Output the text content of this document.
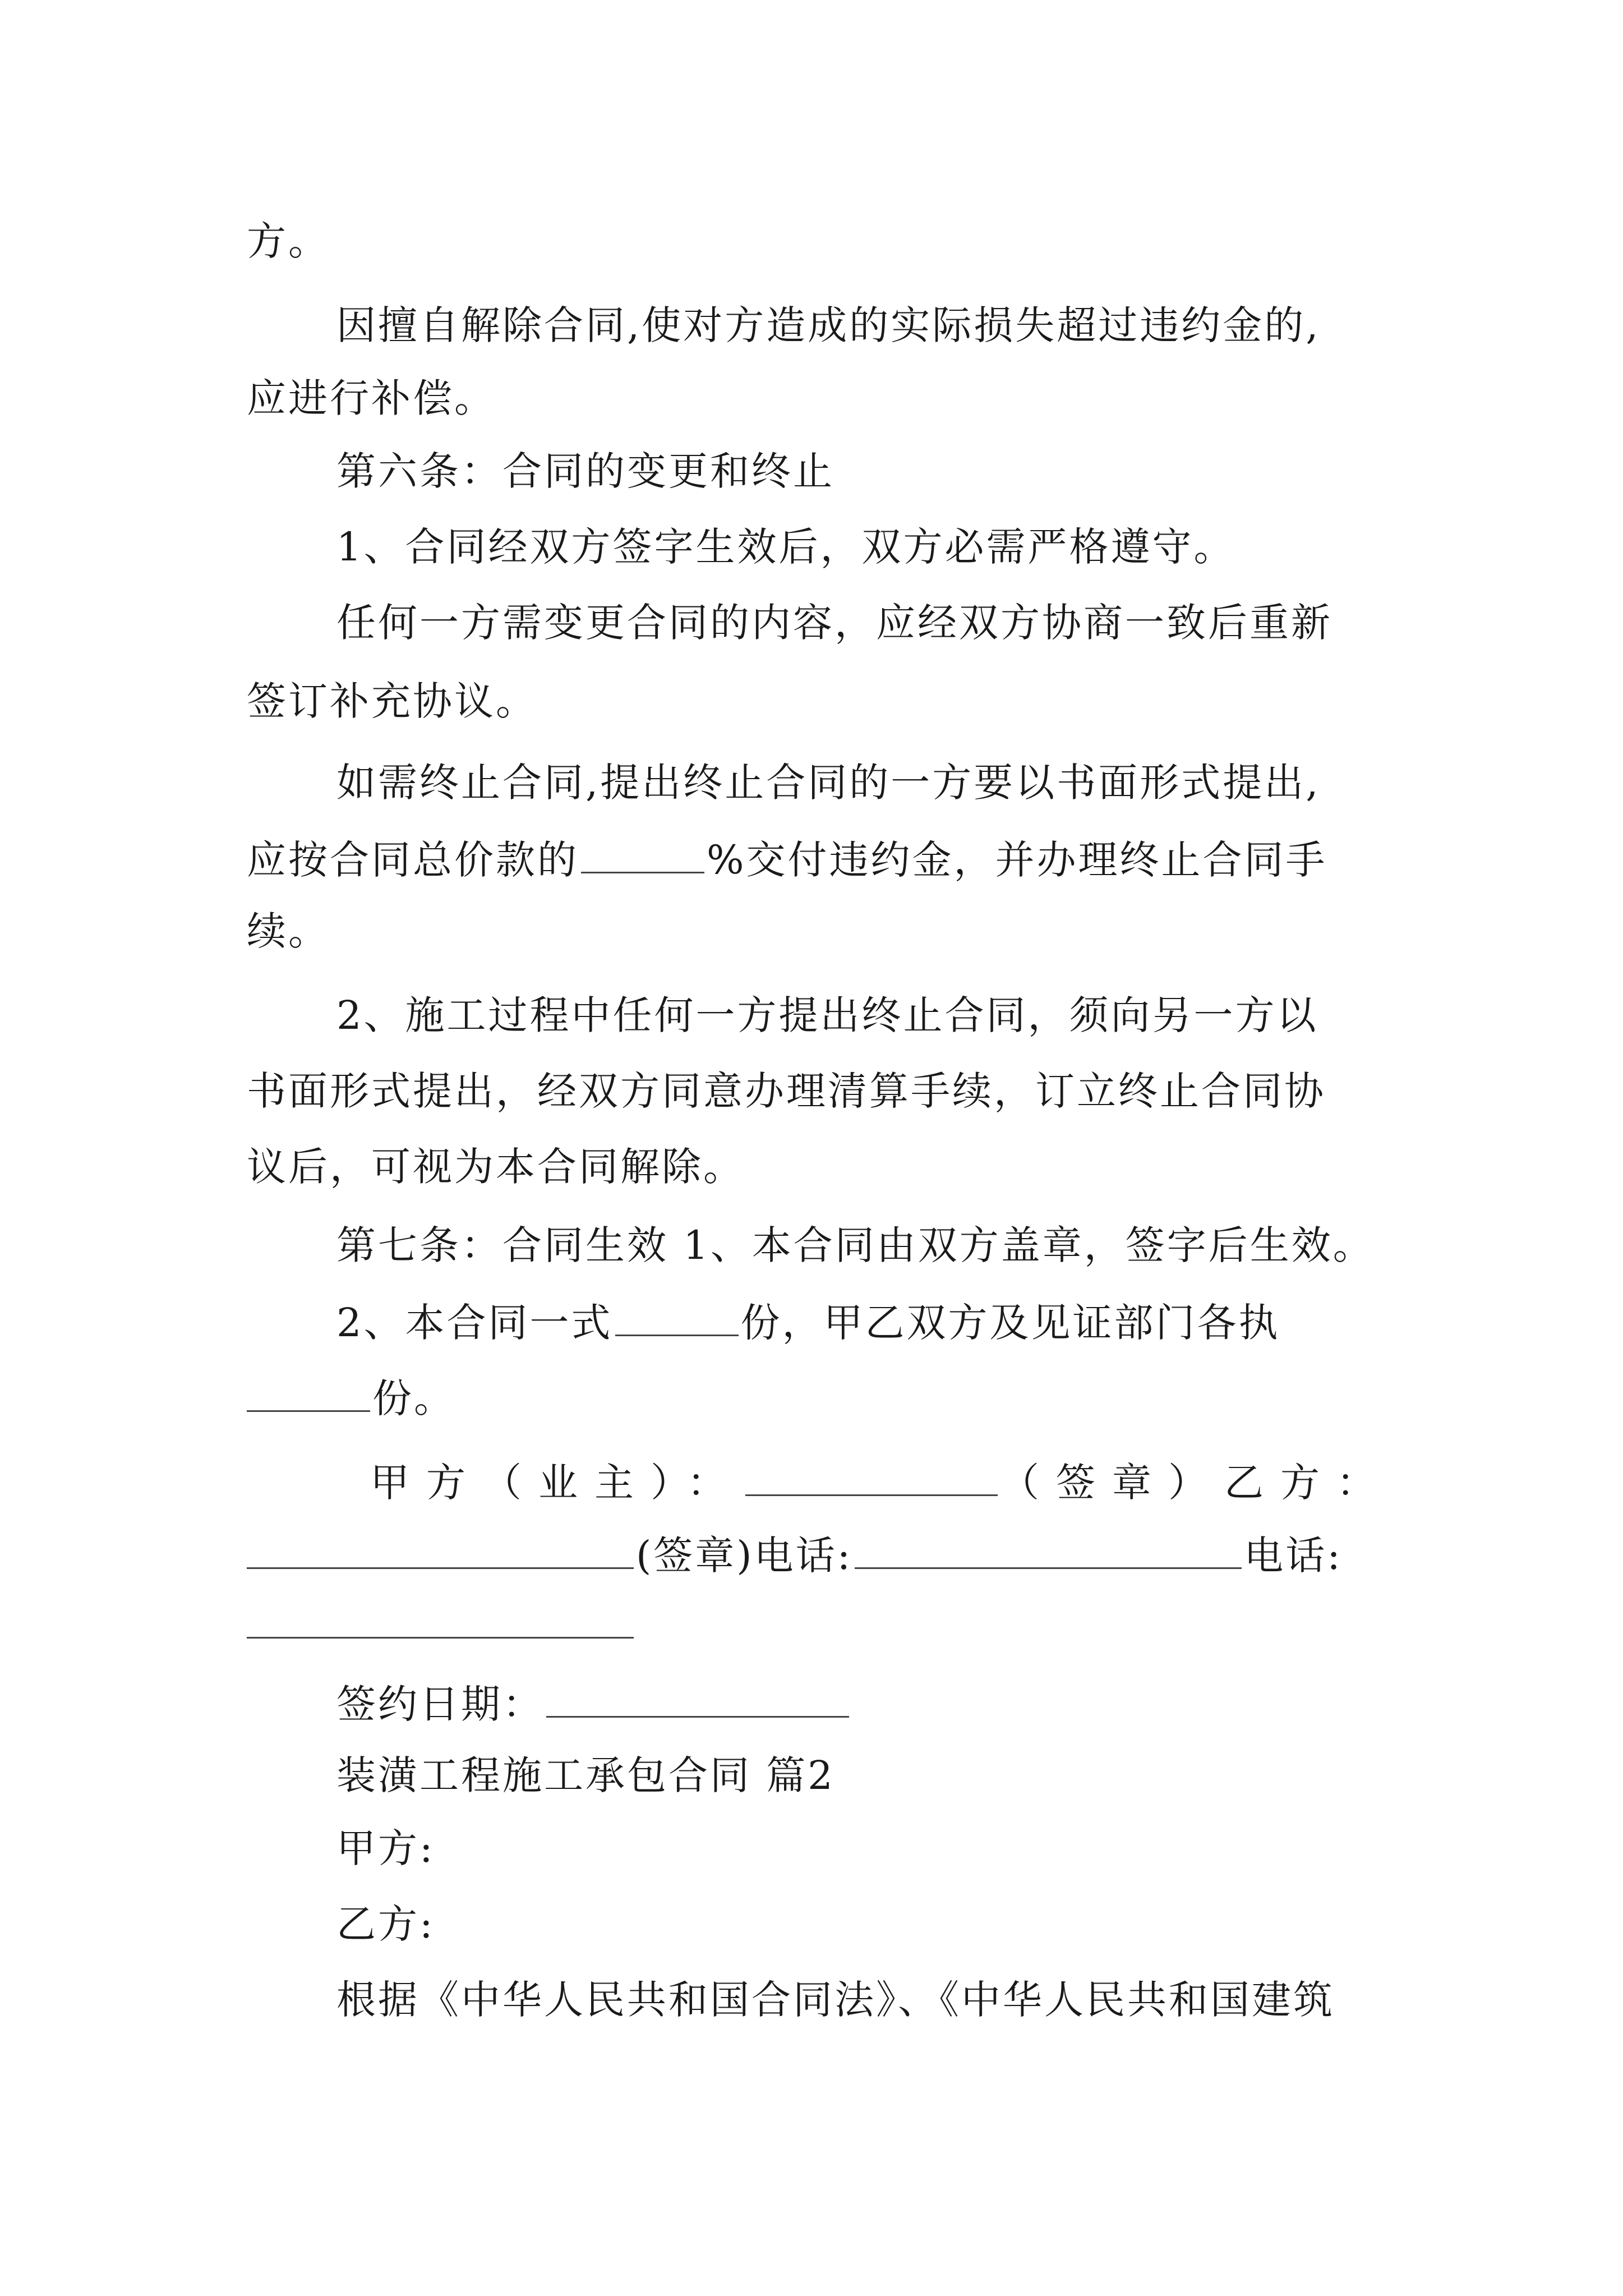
方。
因擅自解除合同,使对方造成的实际损失超过违约金的,
应进行补偿。
第六条：合同的变更和终止
1、合同经双方签字生效后，双方必需严格遵守。
任何一方需变更合同的内容，应经双方协商一致后重新
签订补充协议。
如需终止合同,提出终止合同的一方要以书面形式提出,
应按合同总价款的	%交付违约金，并办理终止合同手
续。
2、施工过程中任何一方提出终止合同，须向另一方以
书面形式提出，经双方同意办理清算手续，订立终止合同协
议后，可视为本合同解除。
第七条：合同生效 1、本合同由双方盖章，签字后生效。
2、本合同一式	份，甲乙双方及见证部门各执
份。
甲方（业主）：	（签章）乙方：
(签章)电话:	电话:
签约日期：
装潢工程施工承包合同 篇2
甲方:
乙方:
根据《中华人民共和国合同法》、《中华人民共和国建筑
